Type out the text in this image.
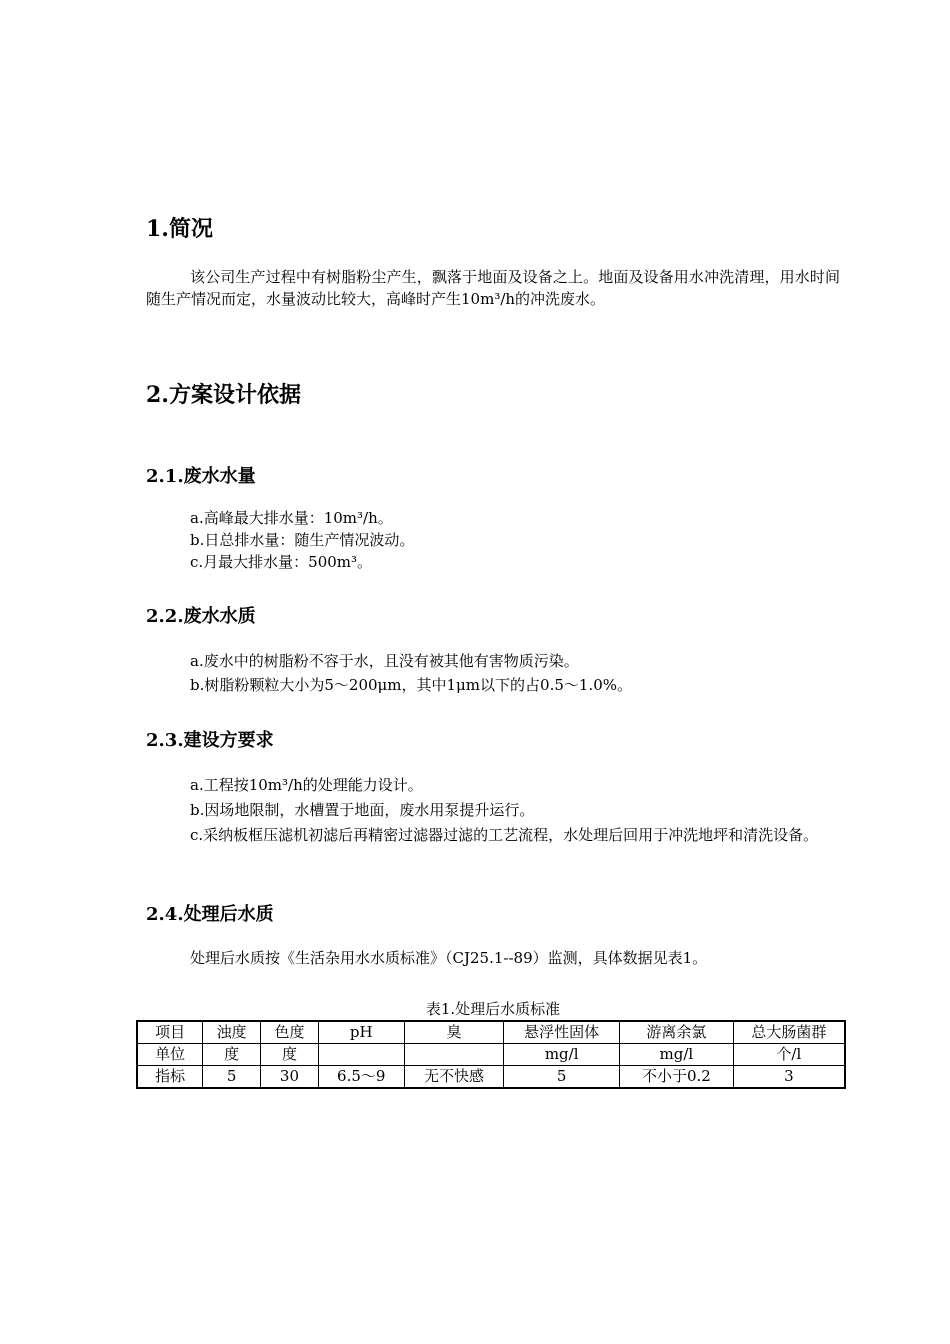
1.简况
该公司生产过程中有树脂粉尘产生，飘落于地面及设备之上。地面及设备用水冲洗清理，用水时间随生产情况而定，水量波动比较大，高峰时产生10m³/h的冲洗废水。
2.方案设计依据
2.1.废水水量
a.高峰最大排水量：10m³/h。
b.日总排水量：随生产情况波动。
c.月最大排水量：500m³。
2.2.废水水质
a.废水中的树脂粉不容于水，且没有被其他有害物质污染。
b.树脂粉颗粒大小为5～200μm，其中1μm以下的占0.5～1.0%。
2.3.建设方要求
a.工程按10m³/h的处理能力设计。
b.因场地限制，水槽置于地面，废水用泵提升运行。
c.采纳板框压滤机初滤后再精密过滤器过滤的工艺流程，水处理后回用于冲洗地坪和清洗设备。
2.4.处理后水质
处理后水质按《生活杂用水水质标准》（CJ25.1--89）监测，具体数据见表1。
表1.处理后水质标准
项目	浊度	色度	pH	臭	悬浮性固体	游离余氯	总大肠菌群
单位	度	度			mg/l	mg/l	个/l
指标	5	30	6.5～9	无不快感	5	不小于0.2	3
